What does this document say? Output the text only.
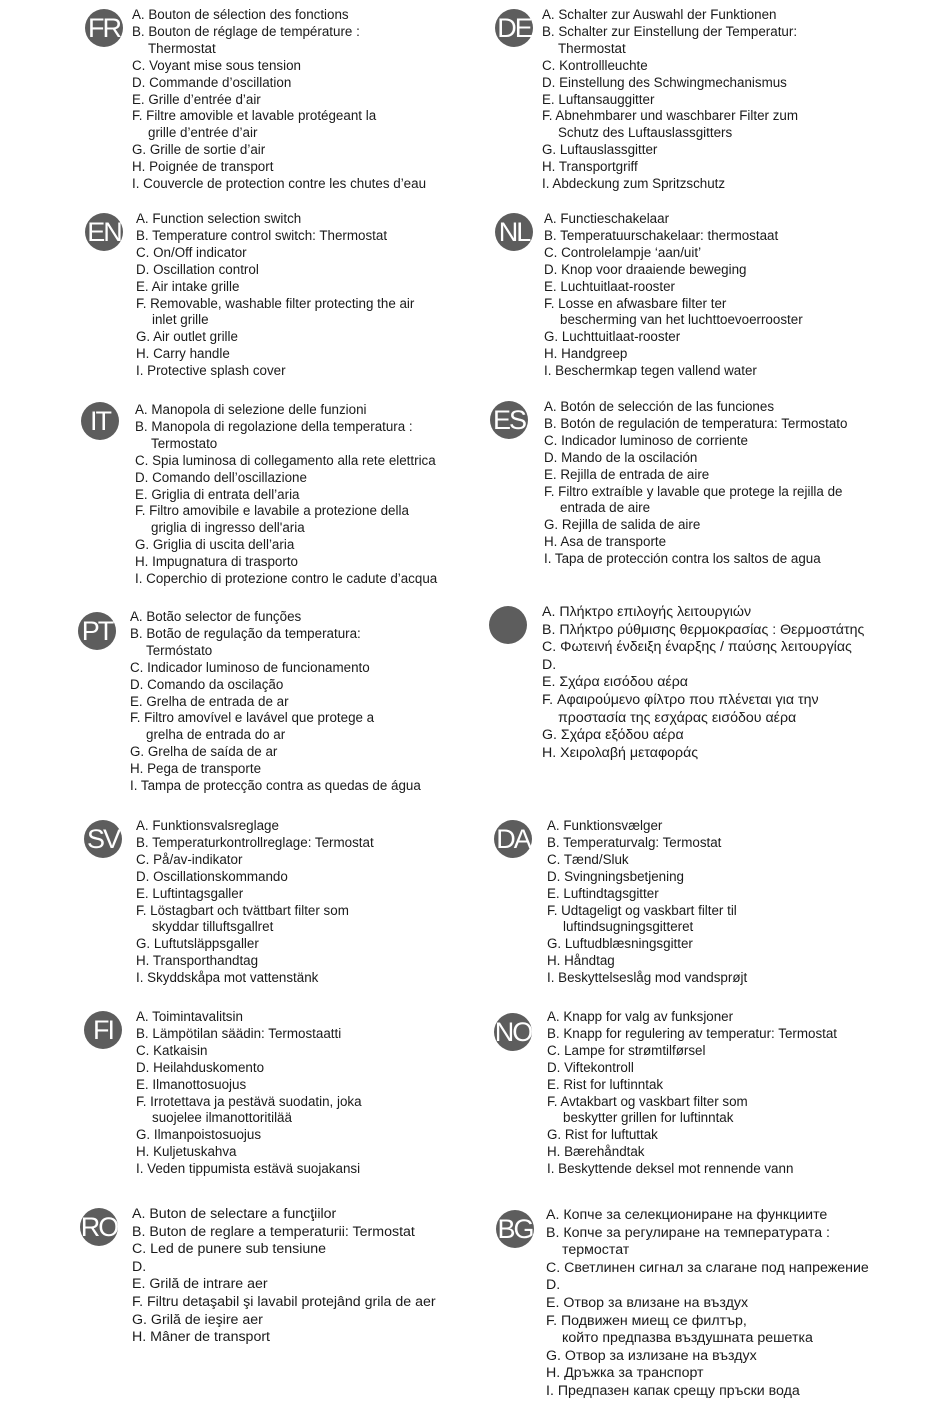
FR A. Bouton de sélection des fonctions
B. Bouton de réglage de température :
Thermostat
C. Voyant mise sous tension
D. Commande d’oscillation
E. Grille d’entrée d’air
F. Filtre amovible et lavable protégeant la
grille d’entrée d’air
G. Grille de sortie d’air
H. Poignée de transport
I. Couvercle de protection contre les chutes d’eau
DE A. Schalter zur Auswahl der Funktionen
B. Schalter zur Einstellung der Temperatur:
Thermostat
C. Kontrollleuchte
D. Einstellung des Schwingmechanismus
E. Luftansauggitter
F. Abnehmbarer und waschbarer Filter zum
Schutz des Luftauslassgitters
G. Luftauslassgitter
H. Transportgriff
I. Abdeckung zum Spritzschutz
EN A. Function selection switch
B. Temperature control switch: Thermostat
C. On/Off indicator
D. Oscillation control
E. Air intake grille
F. Removable, washable filter protecting the air
inlet grille
G. Air outlet grille
H. Carry handle
I. Protective splash cover
NL A. Functieschakelaar
B. Temperatuurschakelaar: thermostaat
C. Controlelampje ‘aan/uit’
D. Knop voor draaiende beweging
E. Luchtuitlaat-rooster
F. Losse en afwasbare filter ter
bescherming van het luchttoevoerrooster
G. Luchttuitlaat-rooster
H. Handgreep
I. Beschermkap tegen vallend water
IT	A. Manopola di selezione delle funzioni
B. Manopola di regolazione della temperatura :
Termostato
C. Spia luminosa di collegamento alla rete elettrica
D. Comando dell’oscillazione
E. Griglia di entrata dell’aria
F. Filtro amovibile e lavabile a protezione della
griglia di ingresso dell'aria
G. Griglia di uscita dell’aria
H. Impugnatura di trasporto
I. Coperchio di protezione contro le cadute d’acqua
ES A. Botón de selección de las funciones
B. Botón de regulación de temperatura: Termostato
C. Indicador luminoso de corriente
D. Mando de la oscilación
E. Rejilla de entrada de aire
F. Filtro extraíble y lavable que protege la rejilla de
entrada de aire
G. Rejilla de salida de aire
H. Asa de transporte
I. Tapa de protección contra los saltos de agua
PT A. Botão selector de funções
B. Botão de regulação da temperatura:
Termóstato
C. Indicador luminoso de funcionamento
D. Comando da oscilação
E. Grelha de entrada de ar
F. Filtro amovível e lavável que protege a
grelha de entrada do ar
G. Grelha de saída de ar
H. Pega de transporte
I. Tampa de protecção contra as quedas de água
A. Πλήκτρο επιλογής λειτουργιών
B. Πλήκτρο ρύθμισης θερμοκρασίας : Θερμοστάτης
C. Φωτεινή ένδειξη έναρξης / παύσης λειτουργίας
D.
E. Σχάρα εισόδου αέρα
F. Αφαιρούμενο φίλτρο που πλένεται για την
προστασία της εσχάρας εισόδου αέρα
G. Σχάρα εξόδου αέρα
H. Χειρολαβή μεταφοράς
SV A. Funktionsvalsreglage
B. Temperaturkontrollreglage: Termostat
C. På/av-indikator
D. Oscillationskommando
E. Luftintagsgaller
F. Löstagbart och tvättbart filter som
skyddar tilluftsgallret
G. Luftutsläppsgaller
H. Transporthandtag
I. Skyddskåpa mot vattenstänk
DA A. Funktionsvælger
B. Temperaturvalg: Termostat
C. Tænd/Sluk
D. Svingningsbetjening
E. Luftindtagsgitter
F. Udtageligt og vaskbart filter til
luftindsugningsgitteret
G. Luftudblæsningsgitter
H. Håndtag
I. Beskyttelseslåg mod vandsprøjt
FI	A. Toimintavalitsin
B. Lämpötilan säädin: Termostaatti
C. Katkaisin
D. Heilahduskomento
E. Ilmanottosuojus
F. Irrotettava ja pestävä suodatin, joka
suojelee ilmanottoritilää
G. Ilmanpoistosuojus
H. Kuljetuskahva
I. Veden tippumista estävä suojakansi
NO
A. Knapp for valg av funksjoner
B. Knapp for regulering av temperatur: Termostat
C. Lampe for strømtilførsel
D. Viftekontroll
E. Rist for luftinntak
F. Avtakbart og vaskbart filter som
beskytter grillen for luftinntak
G. Rist for luftuttak
H. Bærehåndtak
I. Beskyttende deksel mot rennende vann
RO A. Buton de selectare a funcţiilor
B. Buton de reglare a temperaturii: Termostat
C. Led de punere sub tensiune
D.
E. Grilă de intrare aer
F. Filtru detaşabil şi lavabil protejând grila de aer
G. Grilă de ieşire aer
H. Mâner de transport
BG A. Копче за селекциониране на функциите
B. Копче за регулиране на температурата :
термостат
C. Светлинен сигнал за слагане под напрежение
D.
E. Отвор за влизане на въздух
F. Подвижен миещ се филтър,
който предпазва въздушната решетка
G. Отвор за излизане на въздух
H. Дръжка за транспорт
I. Предпазен капак срещу пръски вода
